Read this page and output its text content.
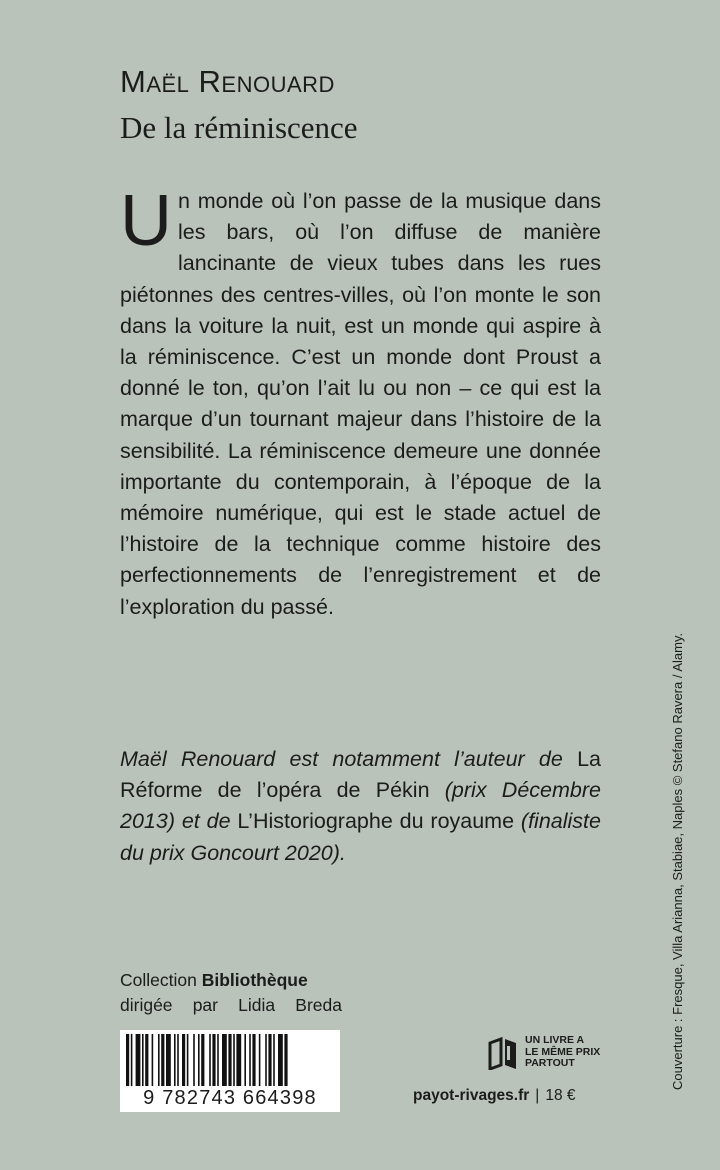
Maël Renouard
De la réminiscence
U n monde où l’on passe de la musique dans les bars, où l’on diffuse de manière lancinante de vieux tubes dans les rues piétonnes des centres-villes, où l’on monte le son dans la voiture la nuit, est un monde qui aspire à la réminiscence. C’est un monde dont Proust a donné le ton, qu’on l’ait lu ou non – ce qui est la marque d’un tournant majeur dans l’histoire de la sensibilité. La réminiscence demeure une donnée importante du contemporain, à l’époque de la mémoire numérique, qui est le stade actuel de l’histoire de la technique comme histoire des perfectionnements de l’enregistrement et de l’exploration du passé.
Maël Renouard est notamment l’auteur de La Réforme de l’opéra de Pékin (prix Décembre 2013) et de L’Historiographe du royaume (finaliste du prix Goncourt 2020).
Collection Bibliothèque
dirigée par Lidia Breda
9 782743 664398
UN LIVRE A
LE MÊME PRIX
PARTOUT
payot-rivages.fr | 18 €
Couverture : Fresque, Villa Arianna, Stabiae, Naples © Stefano Ravera / Alamy.
